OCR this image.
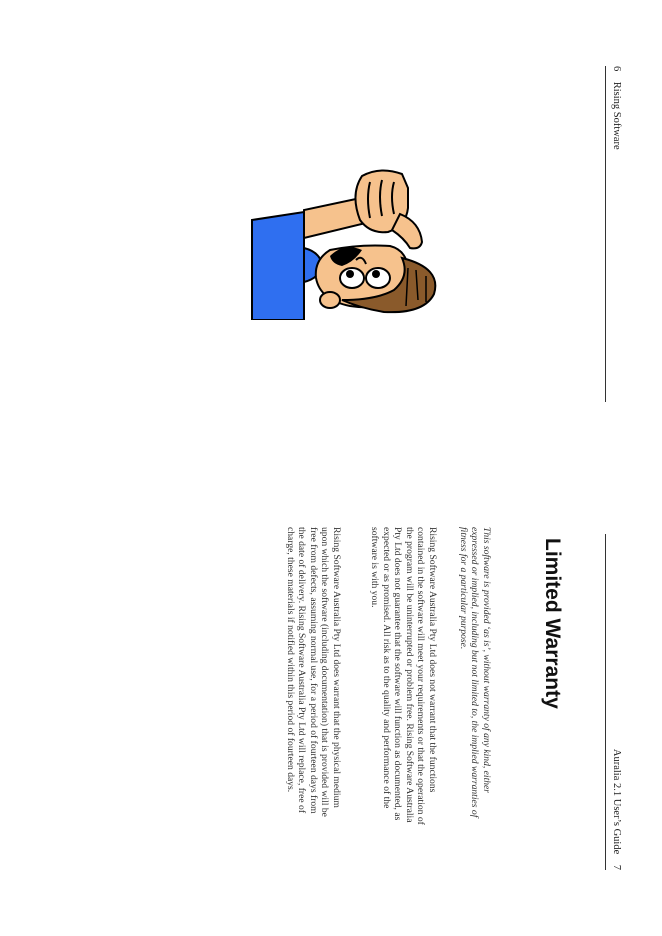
6    Rising Software
Auralia 2.1 User’s Guide    7
Limited Warranty

This software is provided ‘as is’, without warranty of any kind, either expressed or implied, including but not limited to, the implied warranties of fitness for a particular purpose.

Rising Software Australia Pty Ltd does not warrant that the functions contained in the software will meet your requirements or that the operation of the program will be uninterrupted or problem free. Rising Software Australia Pty Ltd does not guarantee that the software will function as documented, as expected or as promised. All risk as to the quality and performance of the software is with you.

Rising Software Australia Pty Ltd does warrant that the physical medium upon which the software (including documentation) that is provided will be free from defects, assuming normal use, for a period of fourteen days from the date of delivery. Rising Software Australia Pty Ltd will replace, free of charge, these materials if notified within this period of fourteen days.
